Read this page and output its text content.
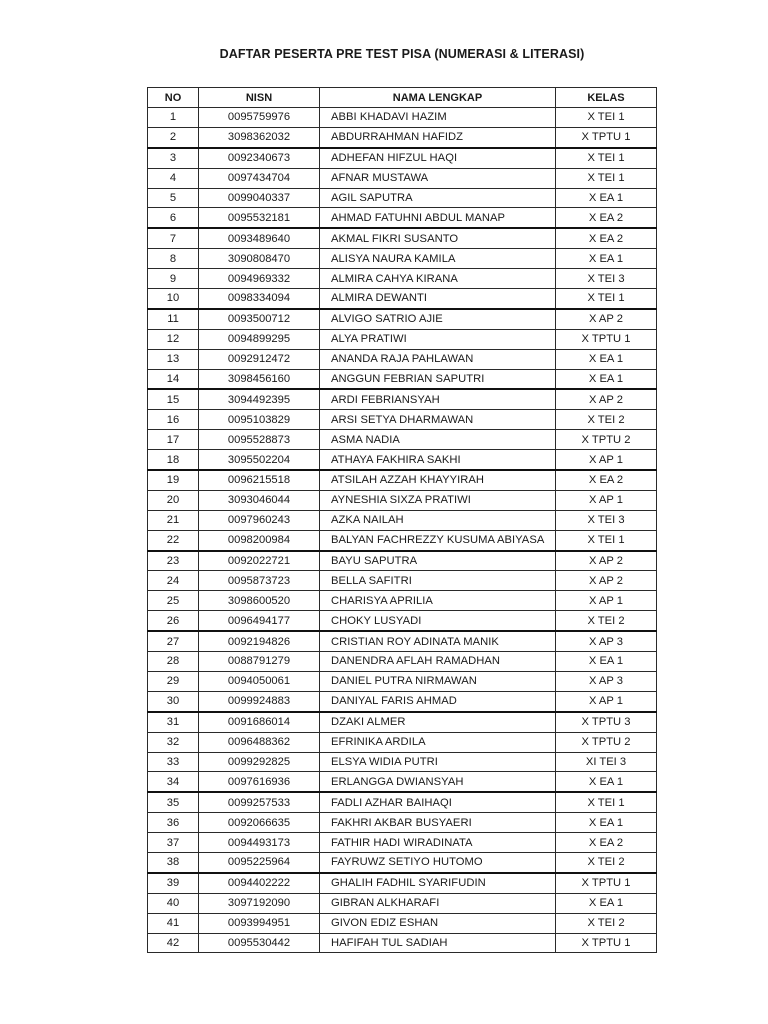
DAFTAR PESERTA PRE TEST PISA (NUMERASI & LITERASI)
NO	NISN	NAMA LENGKAP	KELAS
1	0095759976	ABBI KHADAVI HAZIM	X TEI 1
2	3098362032	ABDURRAHMAN HAFIDZ	X TPTU 1
3	0092340673	ADHEFAN HIFZUL HAQI	X TEI 1
4	0097434704	AFNAR MUSTAWA	X TEI 1
5	0099040337	AGIL SAPUTRA	X EA 1
6	0095532181	AHMAD FATUHNI ABDUL MANAP	X EA 2
7	0093489640	AKMAL FIKRI SUSANTO	X EA 2
8	3090808470	ALISYA NAURA KAMILA	X EA 1
9	0094969332	ALMIRA CAHYA KIRANA	X TEI 3
10	0098334094	ALMIRA DEWANTI	X TEI 1
11	0093500712	ALVIGO SATRIO AJIE	X AP 2
12	0094899295	ALYA PRATIWI	X TPTU 1
13	0092912472	ANANDA RAJA PAHLAWAN	X EA 1
14	3098456160	ANGGUN FEBRIAN SAPUTRI	X EA 1
15	3094492395	ARDI FEBRIANSYAH	X AP 2
16	0095103829	ARSI SETYA DHARMAWAN	X TEI 2
17	0095528873	ASMA NADIA	X TPTU 2
18	3095502204	ATHAYA FAKHIRA SAKHI	X AP 1
19	0096215518	ATSILAH AZZAH KHAYYIRAH	X EA 2
20	3093046044	AYNESHIA SIXZA PRATIWI	X AP 1
21	0097960243	AZKA NAILAH	X TEI 3
22	0098200984	BALYAN FACHREZZY KUSUMA ABIYASA	X TEI 1
23	0092022721	BAYU SAPUTRA	X AP 2
24	0095873723	BELLA SAFITRI	X AP 2
25	3098600520	CHARISYA APRILIA	X AP 1
26	0096494177	CHOKY LUSYADI	X TEI 2
27	0092194826	CRISTIAN ROY ADINATA MANIK	X AP 3
28	0088791279	DANENDRA AFLAH RAMADHAN	X EA 1
29	0094050061	DANIEL PUTRA NIRMAWAN	X AP 3
30	0099924883	DANIYAL FARIS AHMAD	X AP 1
31	0091686014	DZAKI ALMER	X TPTU 3
32	0096488362	EFRINIKA ARDILA	X TPTU 2
33	0099292825	ELSYA WIDIA PUTRI	XI TEI 3
34	0097616936	ERLANGGA DWIANSYAH	X EA 1
35	0099257533	FADLI AZHAR BAIHAQI	X TEI 1
36	0092066635	FAKHRI AKBAR BUSYAERI	X EA 1
37	0094493173	FATHIR HADI WIRADINATA	X EA 2
38	0095225964	FAYRUWZ SETIYO HUTOMO	X TEI 2
39	0094402222	GHALIH FADHIL SYARIFUDIN	X TPTU 1
40	3097192090	GIBRAN ALKHARAFI	X EA 1
41	0093994951	GIVON EDIZ ESHAN	X TEI 2
42	0095530442	HAFIFAH TUL SADIAH	X TPTU 1
